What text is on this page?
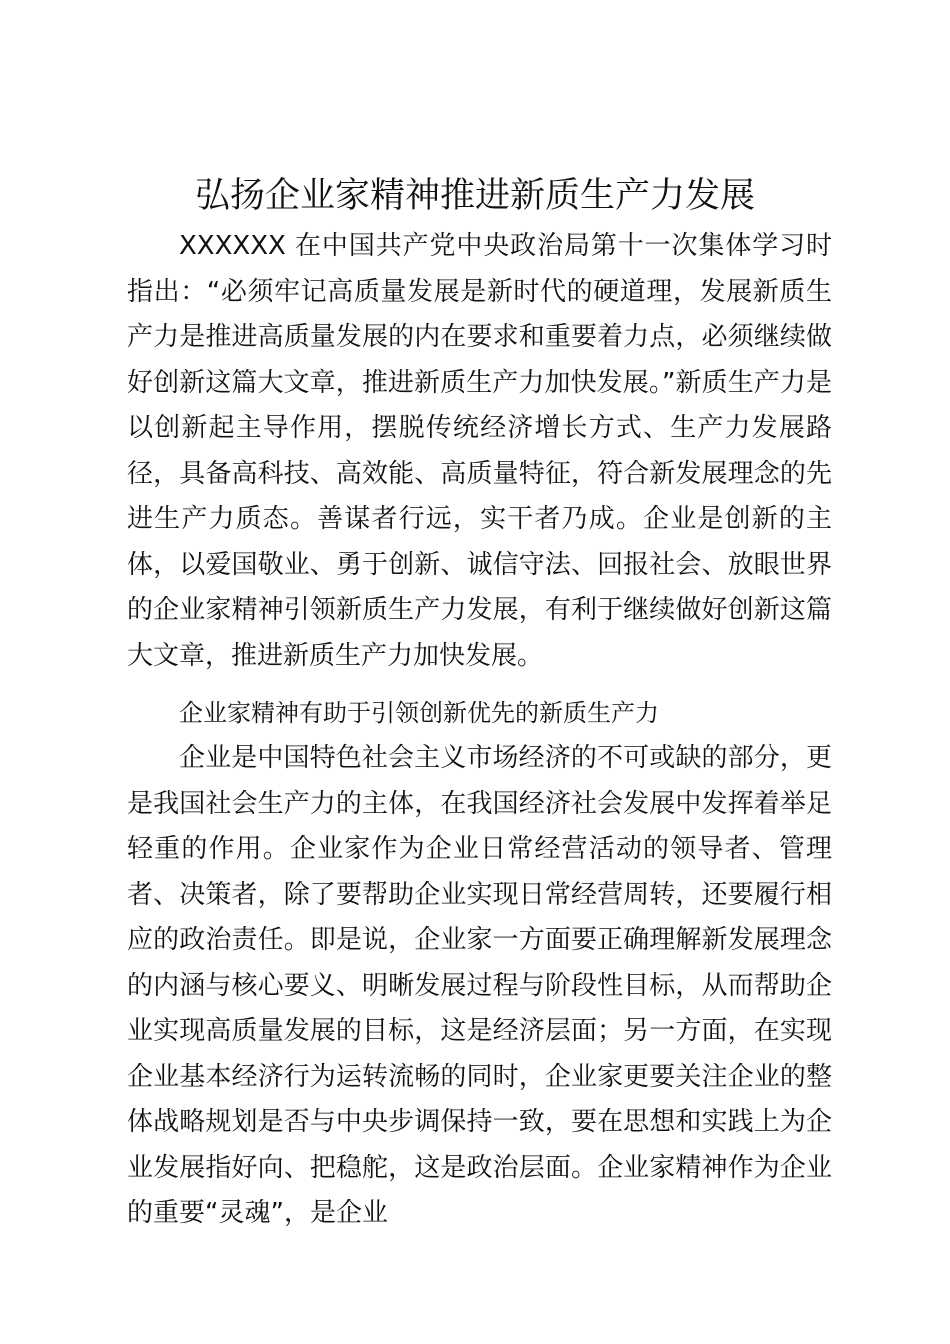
弘扬企业家精神推进新质生产力发展

XXXXXX 在中国共产党中央政治局第十一次集体学习时指出：“必须牢记高质量发展是新时代的硬道理，发展新质生产力是推进高质量发展的内在要求和重要着力点，必须继续做好创新这篇大文章，推进新质生产力加快发展。”新质生产力是以创新起主导作用，摆脱传统经济增长方式、生产力发展路径，具备高科技、高效能、高质量特征，符合新发展理念的先进生产力质态。善谋者行远，实干者乃成。企业是创新的主体，以爱国敬业、勇于创新、诚信守法、回报社会、放眼世界的企业家精神引领新质生产力发展，有利于继续做好创新这篇大文章，推进新质生产力加快发展。

企业家精神有助于引领创新优先的新质生产力

企业是中国特色社会主义市场经济的不可或缺的部分，更是我国社会生产力的主体，在我国经济社会发展中发挥着举足轻重的作用。企业家作为企业日常经营活动的领导者、管理者、决策者，除了要帮助企业实现日常经营周转，还要履行相应的政治责任。即是说，企业家一方面要正确理解新发展理念的内涵与核心要义、明晰发展过程与阶段性目标，从而帮助企业实现高质量发展的目标，这是经济层面；另一方面，在实现企业基本经济行为运转流畅的同时，企业家更要关注企业的整体战略规划是否与中央步调保持一致，要在思想和实践上为企业发展指好向、把稳舵，这是政治层面。企业家精神作为企业的重要“灵魂”，是企业
